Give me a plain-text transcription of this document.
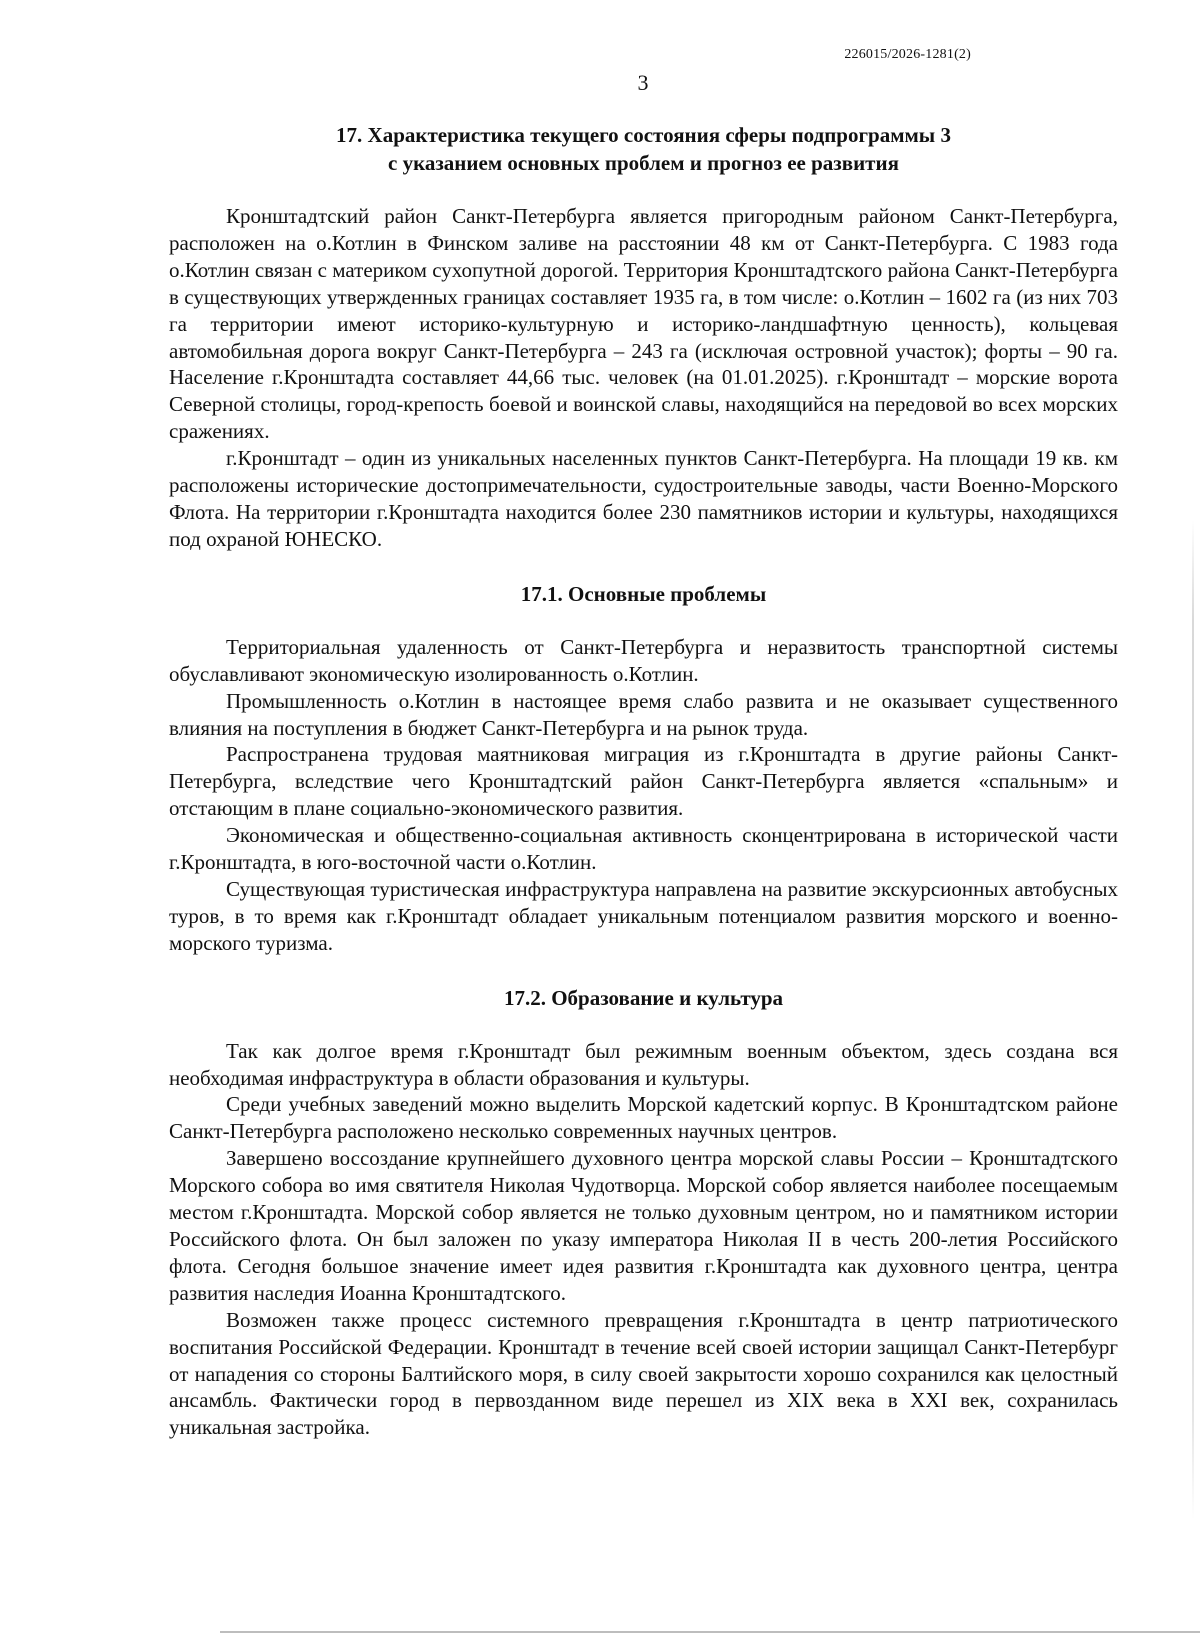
226015/2026-1281(2)
3
17. Характеристика текущего состояния сферы подпрограммы 3
с указанием основных проблем и прогноз ее развития

Кронштадтский район Санкт-Петербурга является пригородным районом Санкт-Петербурга, расположен на о.Котлин в Финском заливе на расстоянии 48 км от Санкт-Петербурга. С 1983 года о.Котлин связан с материком сухопутной дорогой. Территория Кронштадтского района Санкт-Петербурга в существующих утвержденных границах составляет 1935 га, в том числе: о.Котлин – 1602 га (из них 703 га территории имеют историко-культурную и историко-ландшафтную ценность), кольцевая автомобильная дорога вокруг Санкт-Петербурга – 243 га (исключая островной участок); форты – 90 га. Население г.Кронштадта составляет 44,66 тыс. человек (на 01.01.2025). г.Кронштадт – морские ворота Северной столицы, город-крепость боевой и воинской славы, находящийся на передовой во всех морских сражениях.

г.Кронштадт – один из уникальных населенных пунктов Санкт-Петербурга. На площади 19 кв. км расположены исторические достопримечательности, судостроительные заводы, части Военно-Морского Флота. На территории г.Кронштадта находится более 230 памятников истории и культуры, находящихся под охраной ЮНЕСКО.

17.1. Основные проблемы

Территориальная удаленность от Санкт-Петербурга и неразвитость транспортной системы обуславливают экономическую изолированность о.Котлин.

Промышленность о.Котлин в настоящее время слабо развита и не оказывает существенного влияния на поступления в бюджет Санкт-Петербурга и на рынок труда.

Распространена трудовая маятниковая миграция из г.Кронштадта в другие районы Санкт-Петербурга, вследствие чего Кронштадтский район Санкт-Петербурга является «спальным» и отстающим в плане социально-экономического развития.

Экономическая и общественно-социальная активность сконцентрирована в исторической части г.Кронштадта, в юго-восточной части о.Котлин.

Существующая туристическая инфраструктура направлена на развитие экскурсионных автобусных туров, в то время как г.Кронштадт обладает уникальным потенциалом развития морского и военно-морского туризма.

17.2. Образование и культура

Так как долгое время г.Кронштадт был режимным военным объектом, здесь создана вся необходимая инфраструктура в области образования и культуры.

Среди учебных заведений можно выделить Морской кадетский корпус. В Кронштадтском районе Санкт-Петербурга расположено несколько современных научных центров.

Завершено воссоздание крупнейшего духовного центра морской славы России – Кронштадтского Морского собора во имя святителя Николая Чудотворца. Морской собор является наиболее посещаемым местом г.Кронштадта. Морской собор является не только духовным центром, но и памятником истории Российского флота. Он был заложен по указу императора Николая II в честь 200-летия Российского флота. Сегодня большое значение имеет идея развития г.Кронштадта как духовного центра, центра развития наследия Иоанна Кронштадтского.

Возможен также процесс системного превращения г.Кронштадта в центр патриотического воспитания Российской Федерации. Кронштадт в течение всей своей истории защищал Санкт-Петербург от нападения со стороны Балтийского моря, в силу своей закрытости хорошо сохранился как целостный ансамбль. Фактически город в первозданном виде перешел из XIX века в XXI век, сохранилась уникальная застройка.
